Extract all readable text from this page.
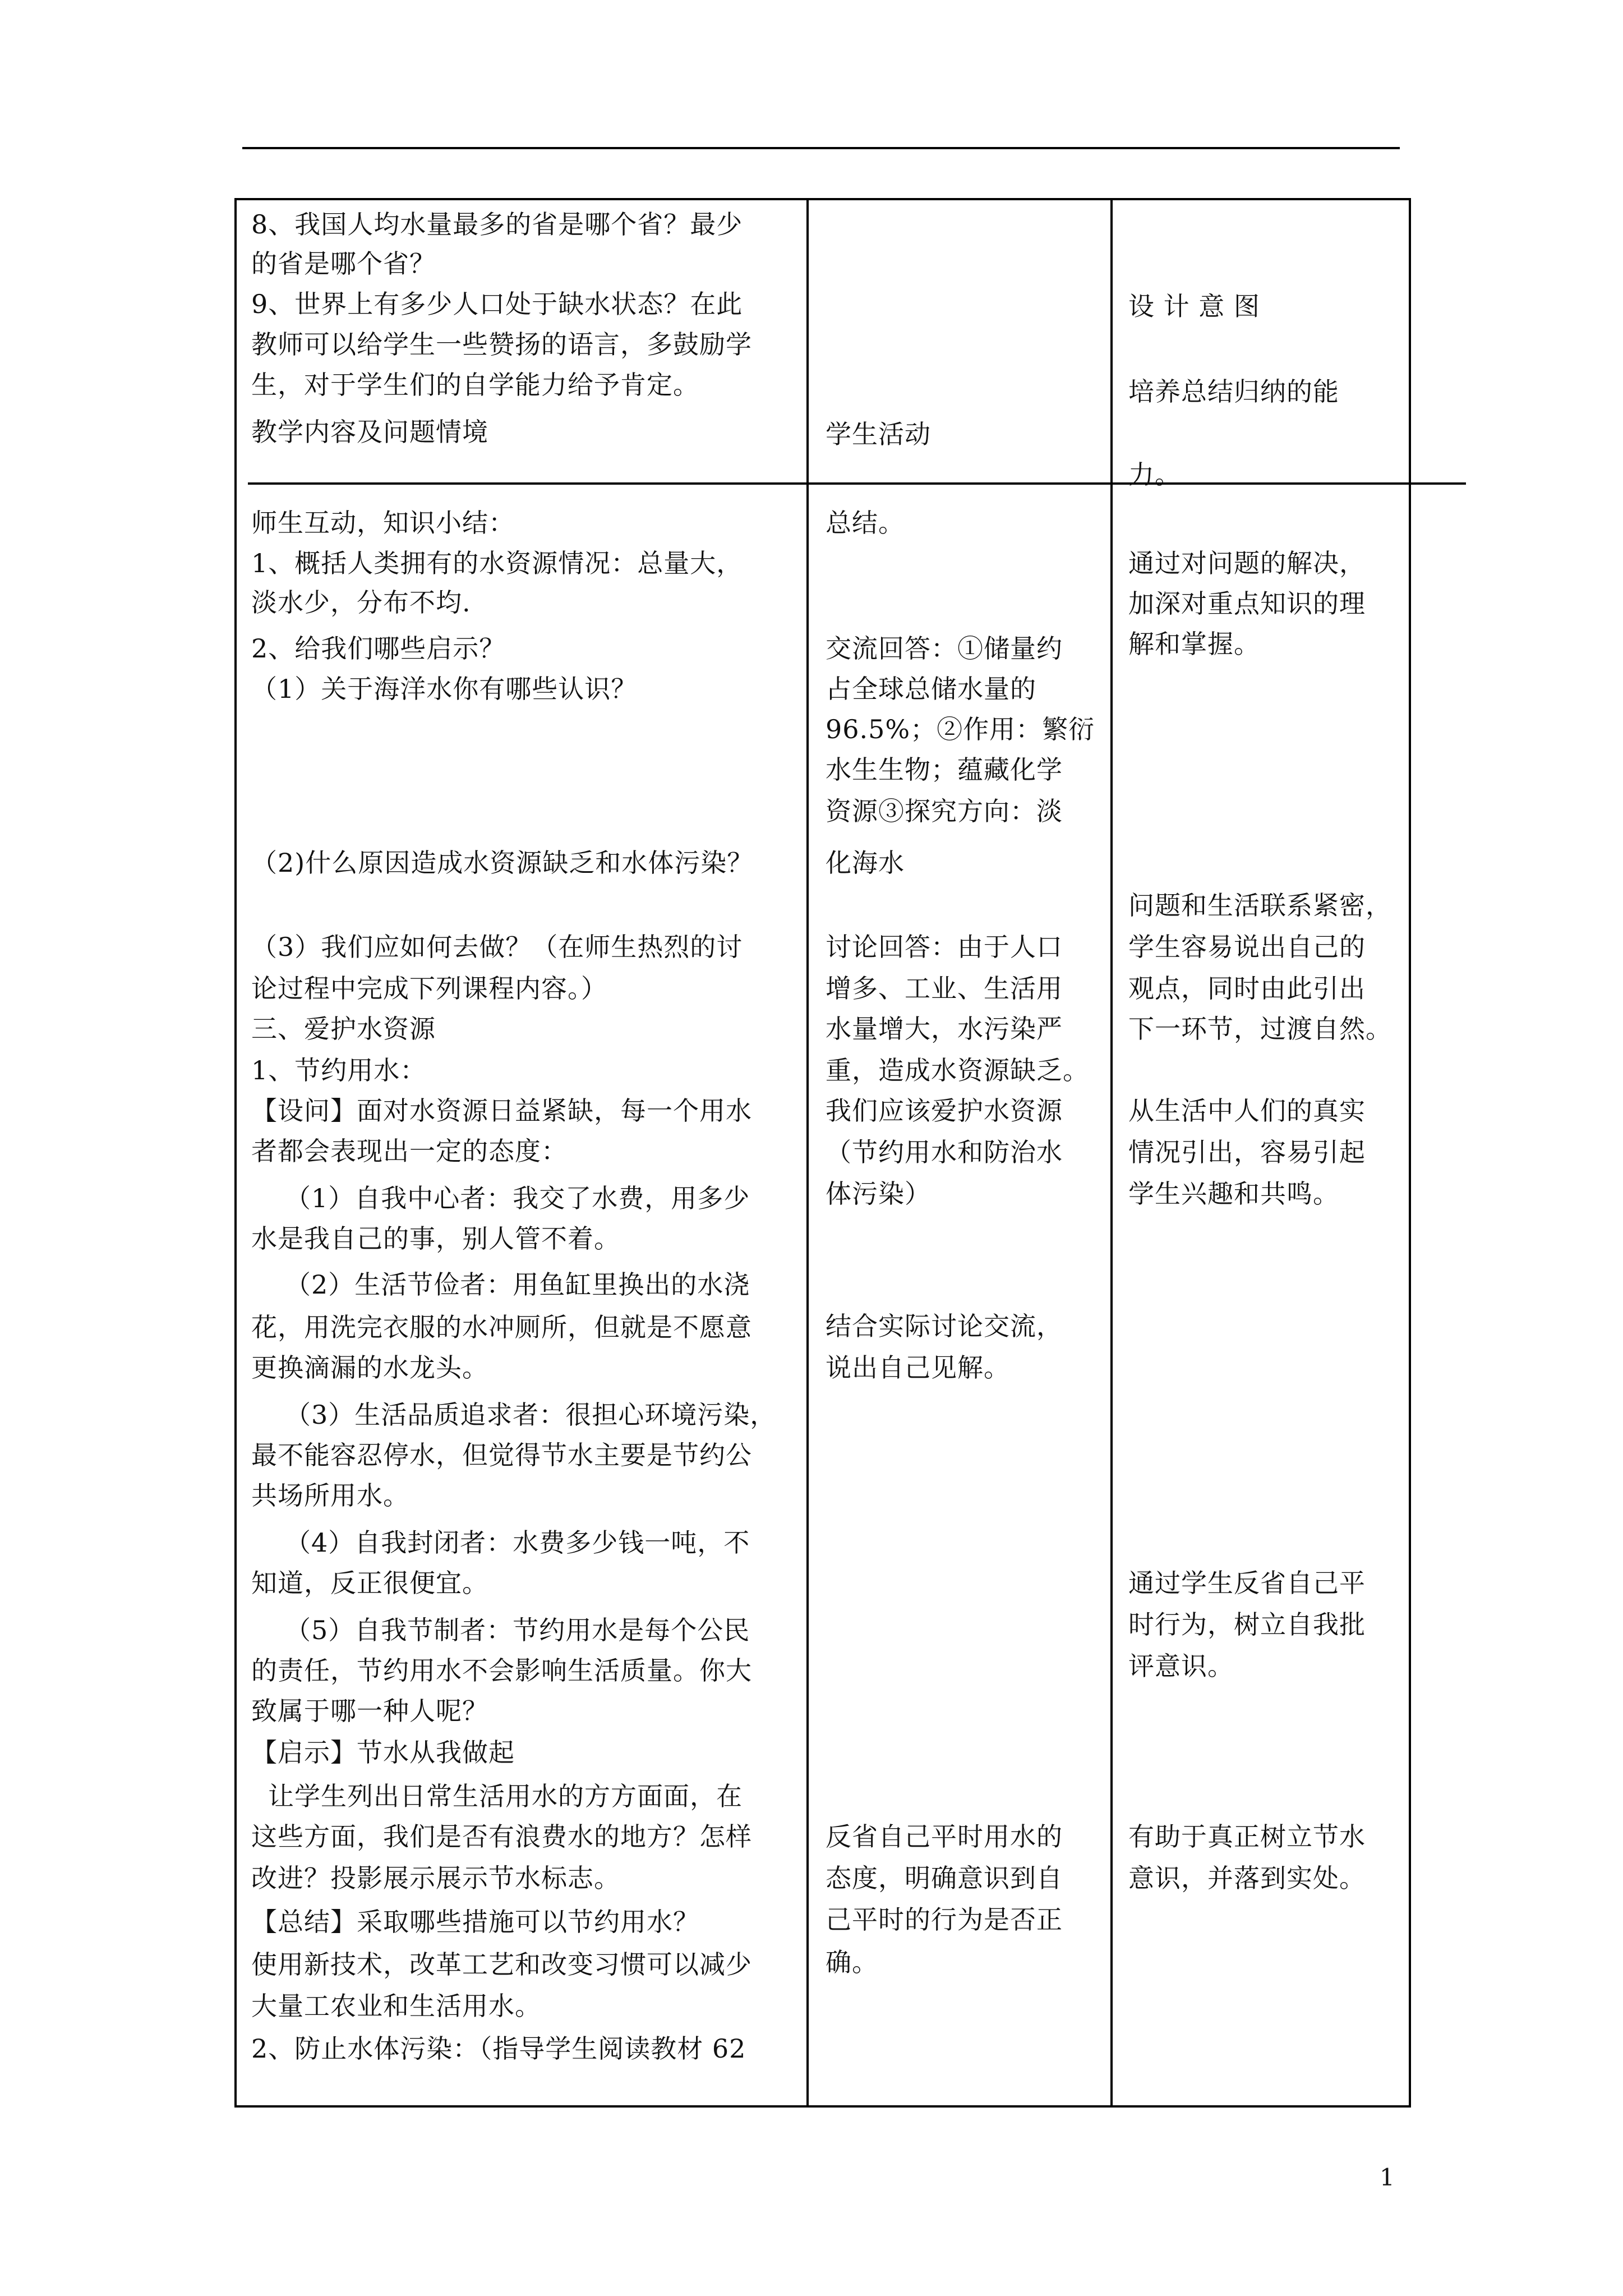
8、我国人均水量最多的省是哪个省？最少
的省是哪个省？
9、世界上有多少人口处于缺水状态？在此
教师可以给学生一些赞扬的语言，多鼓励学
生，对于学生们的自学能力给予肯定。
教学内容及问题情境	学生活动
设 计 意 图
培养总结归纳的能
力。
师生互动，知识小结：
1、概括人类拥有的水资源情况：总量大，
淡水少，分布不均.
2、给我们哪些启示？
（1）关于海洋水你有哪些认识？
（2)什么原因造成水资源缺乏和水体污染？
（3）我们应如何去做？（在师生热烈的讨
论过程中完成下列课程内容。）
三、爱护水资源
1、节约用水：
【设问】面对水资源日益紧缺，每一个用水
者都会表现出一定的态度：
（1）自我中心者：我交了水费，用多少
水是我自己的事，别人管不着。
（2）生活节俭者：用鱼缸里换出的水浇
花，用洗完衣服的水冲厕所，但就是不愿意
更换滴漏的水龙头。
（3）生活品质追求者：很担心环境污染，
最不能容忍停水，但觉得节水主要是节约公
共场所用水。
（4）自我封闭者：水费多少钱一吨，不
知道，反正很便宜。
（5）自我节制者：节约用水是每个公民
的责任，节约用水不会影响生活质量。你大
致属于哪一种人呢？
【启示】节水从我做起
让学生列出日常生活用水的方方面面，在
这些方面，我们是否有浪费水的地方？怎样
改进？投影展示展示节水标志。
【总结】采取哪些措施可以节约用水？
使用新技术，改革工艺和改变习惯可以减少
大量工农业和生活用水。
2、防止水体污染：（指导学生阅读教材 62
总结。
交流回答：①储量约
占全球总储水量的
96.5%；②作用：繁衍
水生生物；蕴藏化学
资源③探究方向：淡
化海水
讨论回答：由于人口
增多、工业、生活用
水量增大，水污染严
重，造成水资源缺乏。
我们应该爱护水资源
（节约用水和防治水
体污染）
结合实际讨论交流，
说出自己见解。
反省自己平时用水的
态度，明确意识到自
己平时的行为是否正
确。
通过对问题的解决，
加深对重点知识的理
解和掌握。
问题和生活联系紧密，
学生容易说出自己的
观点，同时由此引出
下一环节，过渡自然。
从生活中人们的真实
情况引出，容易引起
学生兴趣和共鸣。
通过学生反省自己平
时行为，树立自我批
评意识。
有助于真正树立节水
意识，并落到实处。
1
